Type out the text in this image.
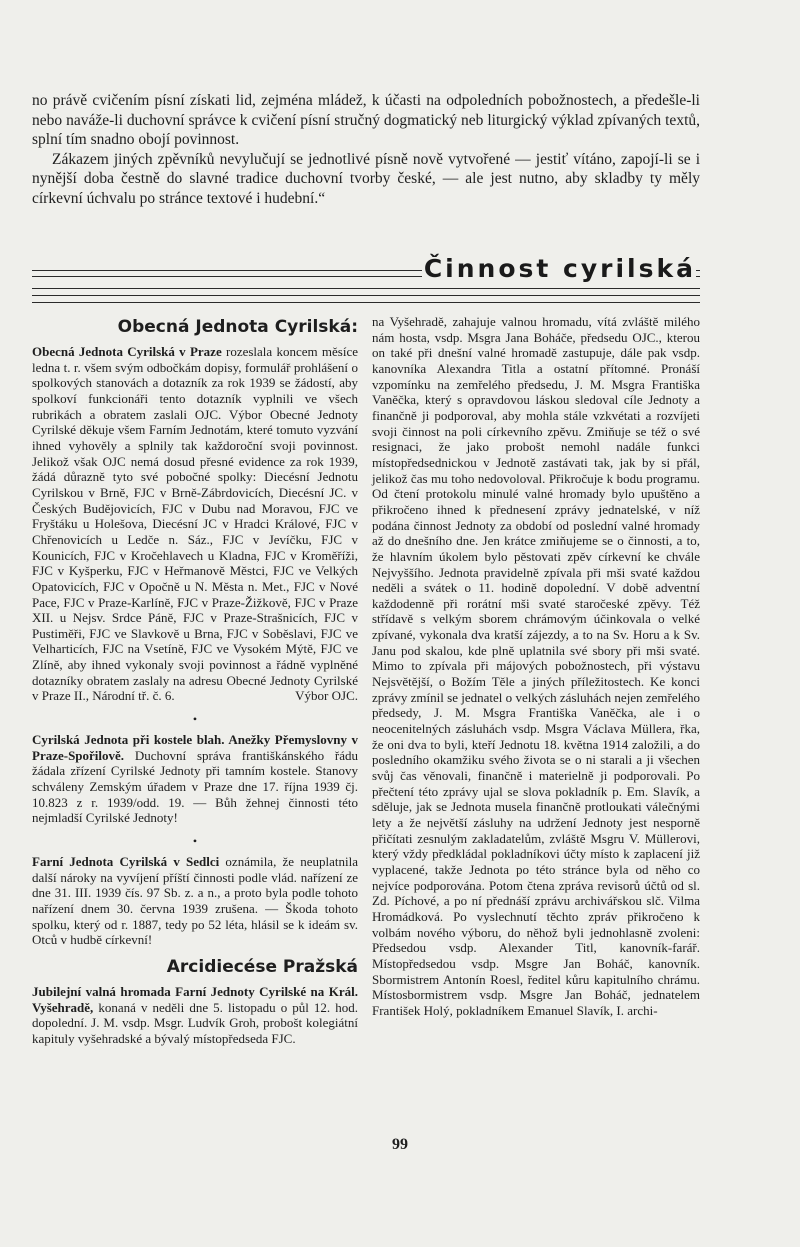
no právě cvičením písní získati lid, zejména mládež, k účasti na odpoledních pobožnostech, a předešle-li nebo naváže-li duchovní správce k cvičení písní stručný dogmatický neb liturgický výklad zpívaných textů, splní tím snadno obojí povinnost.

Zákazem jiných zpěvníků nevylučují se jednotlivé písně nově vytvořené — jestiť vítáno, zapojí-li se i nynější doba čestně do slavné tradice duchovní tvorby české, — ale jest nutno, aby skladby ty měly církevní úchvalu po stránce textové i hudební.“

Činnost cyrilská
Obecná Jednota Cyrilská:

Obecná Jednota Cyrilská v Praze rozeslala koncem měsíce ledna t. r. všem svým odbočkám dopisy, formulář prohlášení o spolkových stanovách a dotazník za rok 1939 se žádostí, aby spolkoví funkcionáři tento dotazník vyplnili ve všech rubrikách a obratem zaslali OJC. Výbor Obecné Jednoty Cyrilské děkuje všem Farním Jednotám, které tomuto vyzvání ihned vyhověly a splnily tak každoroční svoji povinnost. Jelikož však OJC nemá dosud přesné evidence za rok 1939, žádá důrazně tyto své pobočné spolky: Diecésní Jednotu Cyrilskou v Brně, FJC v Brně-Zábrdovicích, Diecésní JC. v Českých Budějovicích, FJC v Dubu nad Moravou, FJC ve Fryštáku u Holešova, Diecésní JC v Hradci Králové, FJC v Chřenovicích u Ledče n. Sáz., FJC v Jevíčku, FJC v Kounicích, FJC v Kročehlavech u Kladna, FJC v Kroměříži, FJC v Kyšperku, FJC v Heřmanově Městci, FJC ve Velkých Opatovicích, FJC v Opočně u N. Města n. Met., FJC v Nové Pace, FJC v Praze-Karlíně, FJC v Praze-Žižkově, FJC v Praze XII. u Nejsv. Srdce Páně, FJC v Praze-Strašnicích, FJC v Pustiměři, FJC ve Slavkově u Brna, FJC v Soběslavi, FJC ve Velharticích, FJC na Vsetíně, FJC ve Vysokém Mýtě, FJC ve Zlíně, aby ihned vykonaly svoji povinnost a řádně vyplněné dotazníky obratem zaslaly na adresu Obecné Jednoty Cyrilské v Praze II., Národní tř. č. 6.	Výbor OJC.

•

Cyrilská Jednota při kostele blah. Anežky Přemyslovny v Praze-Spořilově. Duchovní správa františkánského řádu žádala zřízení Cyrilské Jednoty při tamním kostele. Stanovy schváleny Zemským úřadem v Praze dne 17. října 1939 čj. 10.823 z r. 1939/odd. 19. — Bůh žehnej činnosti této nejmladší Cyrilské Jednoty!

•

Farní Jednota Cyrilská v Sedlci oznámila, že neuplatnila další nároky na vyvíjení příští činnosti podle vlád. nařízení ze dne 31. III. 1939 čís. 97 Sb. z. a n., a proto byla podle tohoto nařízení dnem 30. června 1939 zrušena. — Škoda tohoto spolku, který od r. 1887, tedy po 52 léta, hlásil se k ideám sv. Otců v hudbě církevní!

Arcidiecése Pražská

Jubilejní valná hromada Farní Jednoty Cyrilské na Král. Vyšehradě, konaná v neděli dne 5. listopadu o půl 12. hod. dopolední. J. M. vsdp. Msgr. Ludvík Groh, probošt kolegiátní kapituly vyšehradské a bývalý místopředseda FJC.

na Vyšehradě, zahajuje valnou hromadu, vítá zvláště milého nám hosta, vsdp. Msgra Jana Boháče, předsedu OJC., kterou on také při dnešní valné hromadě zastupuje, dále pak vsdp. kanovníka Alexandra Titla a ostatní přítomné. Pronáší vzpomínku na zemřelého předsedu, J. M. Msgra Františka Vaněčka, který s opravdovou láskou sledoval cíle Jednoty a finančně ji podporoval, aby mohla stále vzkvétati a rozvíjeti svoji činnost na poli církevního zpěvu. Zmiňuje se též o své resignaci, že jako probošt nemohl nadále funkci místopředsednickou v Jednotě zastávati tak, jak by si přál, jelikož čas mu toho nedovoloval. Přikročuje k bodu programu. Od čtení protokolu minulé valné hromady bylo upuštěno a přikročeno ihned k přednesení zprávy jednatelské, v níž podána činnost Jednoty za období od poslední valné hromady až do dnešního dne. Jen krátce zmiňujeme se o činnosti, a to, že hlavním úkolem bylo pěstovati zpěv církevní ke chvále Nejvyššího. Jednota pravidelně zpívala při mši svaté každou neděli a svátek o 11. hodině dopolední. V době adventní každodenně při rorátní mši svaté staročeské zpěvy. Též střídavě s velkým sborem chrámovým účinkovala o velké zpívané, vykonala dva kratší zájezdy, a to na Sv. Horu a k Sv. Janu pod skalou, kde plně uplatnila své sbory při mši svaté. Mimo to zpívala při májových pobožnostech, při výstavu Nejsvětější, o Božím Těle a jiných příležitostech. Ke konci zprávy zmínil se jednatel o velkých zásluhách nejen zemřelého předsedy, J. M. Msgra Františka Vaněčka, ale i o neocenitelných zásluhách vsdp. Msgra Václava Müllera, řka, že oni dva to byli, kteří Jednotu 18. května 1914 založili, a do posledního okamžiku svého života se o ni starali a ji všechen svůj čas věnovali, finančně i materielně ji podporovali. Po přečtení této zprávy ujal se slova pokladník p. Em. Slavík, a sděluje, jak se Jednota musela finančně protloukati válečnými lety a že největší zásluhy na udržení Jednoty jest nesporně přičítati zesnulým zakladatelům, zvláště Msgru V. Müllerovi, který vždy předkládal pokladníkovi účty místo k zaplacení již vyplacené, takže Jednota po této stránce byla od něho co nejvíce podporována. Potom čtena zpráva revisorů účtů od sl. Zd. Píchové, a po ní přednáší zprávu archivářskou slč. Vilma Hromádková. Po vyslechnutí těchto zpráv přikročeno k volbám nového výboru, do něhož byli jednohlasně zvoleni: Předsedou vsdp. Alexander Titl, kanovník-farář. Místopředsedou vsdp. Msgre Jan Boháč, kanovník. Sbormistrem Antonín Roesl, ředitel kůru kapitulního chrámu. Místosbormistrem vsdp. Msgre Jan Boháč, jednatelem František Holý, pokladníkem Emanuel Slavík, I. archi-

99
